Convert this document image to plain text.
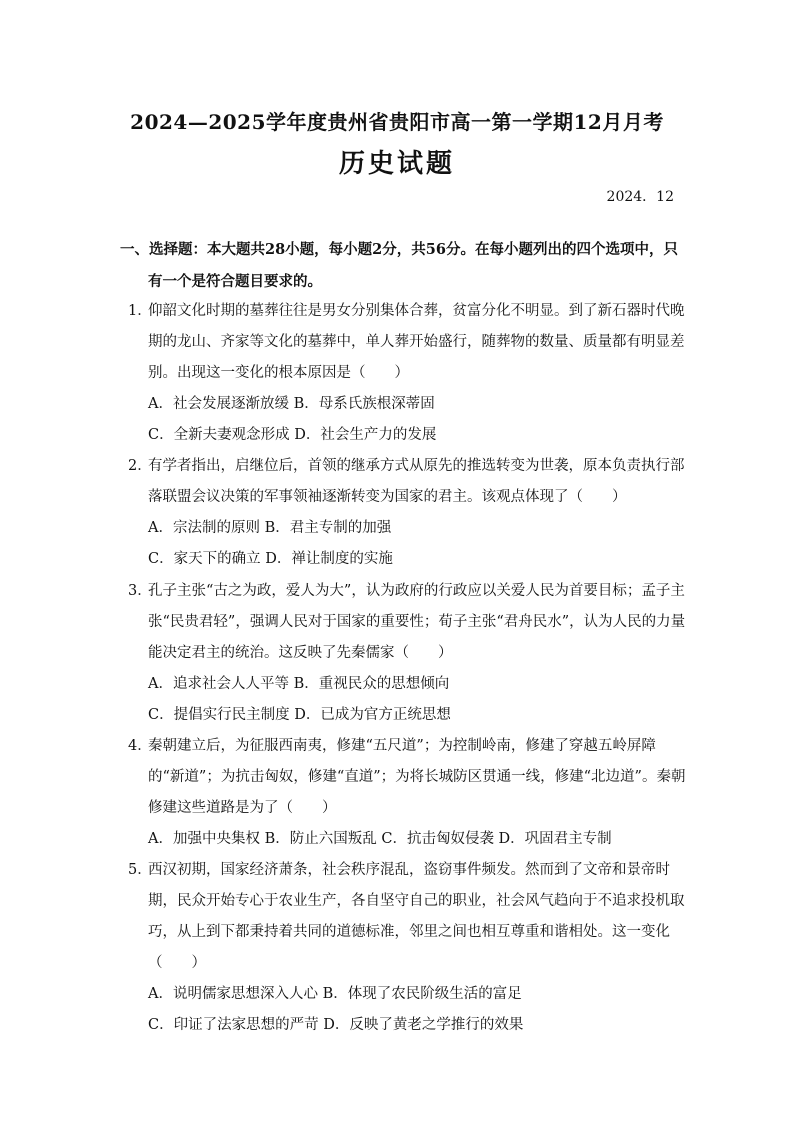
2024—2025学年度贵州省贵阳市高一第一学期12月月考
历史试题
2024．12
一、选择题：本大题共28小题，每小题2分，共56分。在每小题列出的四个选项中，只
有一个是符合题目要求的。
1．仰韶文化时期的墓葬往往是男女分别集体合葬，贫富分化不明显。到了新石器时代晚期的龙山、齐家等文化的墓葬中，单人葬开始盛行，随葬物的数量、质量都有明显差别。出现这一变化的根本原因是（　　）
A．社会发展逐渐放缓 B．母系氏族根深蒂固
C．全新夫妻观念形成 D．社会生产力的发展
2．有学者指出，启继位后，首领的继承方式从原先的推选转变为世袭，原本负责执行部落联盟会议决策的军事领袖逐渐转变为国家的君主。该观点体现了（　　）
A．宗法制的原则 B．君主专制的加强
C．家天下的确立 D．禅让制度的实施
3．孔子主张“古之为政，爱人为大”，认为政府的行政应以关爱人民为首要目标；孟子主张“民贵君轻”，强调人民对于国家的重要性；荀子主张“君舟民水”，认为人民的力量能决定君主的统治。这反映了先秦儒家（　　）
A．追求社会人人平等 B．重视民众的思想倾向
C．提倡实行民主制度 D．已成为官方正统思想
4．秦朝建立后，为征服西南夷，修建“五尺道”；为控制岭南，修建了穿越五岭屏障的“新道”；为抗击匈奴，修建“直道”；为将长城防区贯通一线，修建“北边道”。秦朝修建这些道路是为了（　　）
A．加强中央集权 B．防止六国叛乱 C．抗击匈奴侵袭 D．巩固君主专制
5．西汉初期，国家经济萧条，社会秩序混乱，盗窃事件频发。然而到了文帝和景帝时期，民众开始专心于农业生产，各自坚守自己的职业，社会风气趋向于不追求投机取巧，从上到下都秉持着共同的道德标准，邻里之间也相互尊重和谐相处。这一变化（　　）
A．说明儒家思想深入人心 B．体现了农民阶级生活的富足
C．印证了法家思想的严苛 D．反映了黄老之学推行的效果
